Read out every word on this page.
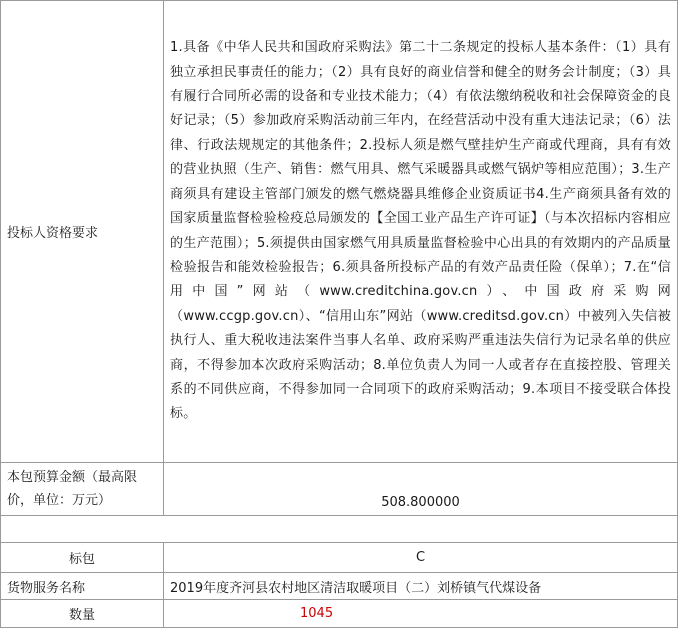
投标人资格要求	1.具备《中华人民共和国政府采购法》第二十二条规定的投标人基本条件：（1）具有独立承担民事责任的能力；（2）具有良好的商业信誉和健全的财务会计制度；（3）具有履行合同所必需的设备和专业技术能力；（4）有依法缴纳税收和社会保障资金的良好记录；（5）参加政府采购活动前三年内，在经营活动中没有重大违法记录；（6）法律、行政法规规定的其他条件；2.投标人须是燃气壁挂炉生产商或代理商，具有有效的营业执照（生产、销售：燃气用具、燃气采暖器具或燃气锅炉等相应范围）；3.生产商须具有建设主管部门颁发的燃气燃烧器具维修企业资质证书4.生产商须具备有效的国家质量监督检验检疫总局颁发的【全国工业产品生产许可证】（与本次招标内容相应的生产范围）；5.须提供由国家燃气用具质量监督检验中心出具的有效期内的产品质量检验报告和能效检验报告；6.须具备所投标产品的有效产品责任险（保单）；7.在“信用中国”网站（www.creditchina.gov.cn）、中国政府采购网（www.ccgp.gov.cn）、“信用山东”网站（www.creditsd.gov.cn）中被列入失信被执行人、重大税收违法案件当事人名单、政府采购严重违法失信行为记录名单的供应商，不得参加本次政府采购活动；8.单位负责人为同一人或者存在直接控股、管理关系的不同供应商，不得参加同一合同项下的政府采购活动；9.本项目不接受联合体投标。
本包预算金额（最高限价，单位：万元）	508.800000

标包	C
货物服务名称	2019年度齐河县农村地区清洁取暖项目（二）刘桥镇气代煤设备
数量	1045
